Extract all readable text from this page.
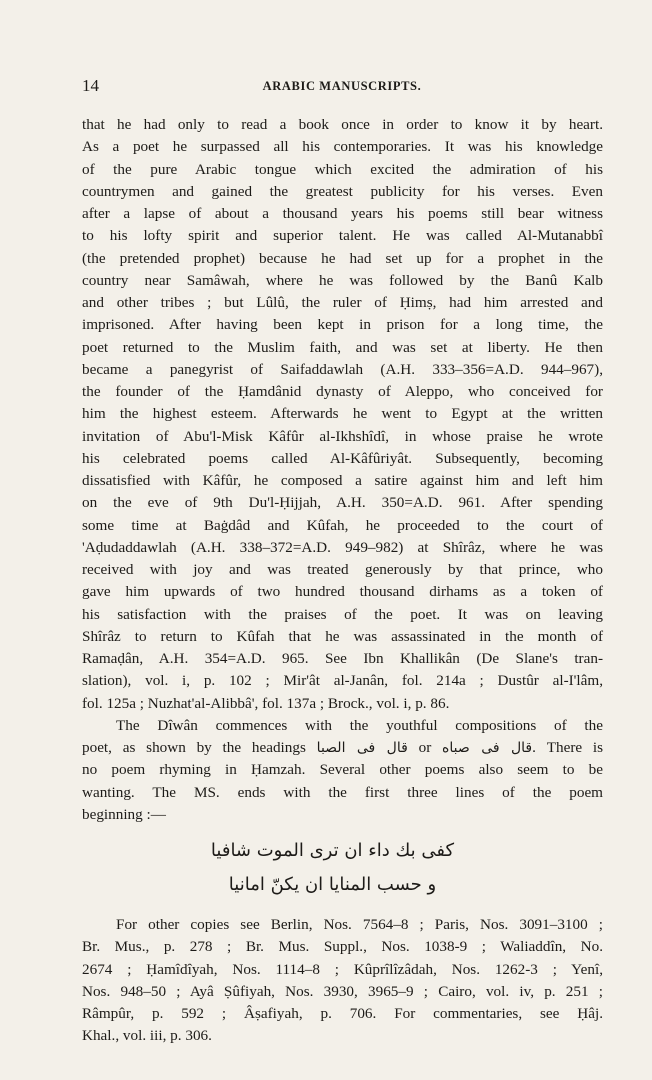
14	ARABIC MANUSCRIPTS.
that he had only to read a book once in order to know it by heart.
As a poet he surpassed all his contemporaries. It was his knowledge
of the pure Arabic tongue which excited the admiration of his
countrymen and gained the greatest publicity for his verses. Even
after a lapse of about a thousand years his poems still bear witness
to his lofty spirit and superior talent. He was called Al-Mutanabbî
(the pretended prophet) because he had set up for a prophet in the
country near Samâwah, where he was followed by the Banû Kalb
and other tribes ; but Lûlû, the ruler of Ḥimṣ, had him arrested and
imprisoned. After having been kept in prison for a long time, the
poet returned to the Muslim faith, and was set at liberty. He then
became a panegyrist of Saifaddawlah (A.H. 333–356=A.D. 944–967),
the founder of the Ḥamdânid dynasty of Aleppo, who conceived for
him the highest esteem. Afterwards he went to Egypt at the written
invitation of Abu'l-Misk Kâfûr al-Ikhshîdî, in whose praise he wrote
his celebrated poems called Al-Kâfûriyât. Subsequently, becoming
dissatisfied with Kâfûr, he composed a satire against him and left him
on the eve of 9th Du'l-Ḥijjah, A.H. 350=A.D. 961. After spending
some time at Baġdâd and Kûfah, he proceeded to the court of
'Aḍudaddawlah (A.H. 338–372=A.D. 949–982) at Shîrâz, where he was
received with joy and was treated generously by that prince, who
gave him upwards of two hundred thousand dirhams as a token of
his satisfaction with the praises of the poet. It was on leaving
Shîrâz to return to Kûfah that he was assassinated in the month of
Ramaḍân, A.H. 354=A.D. 965. See Ibn Khallikân (De Slane's tran-
slation), vol. i, p. 102 ; Mir'ât al-Janân, fol. 214a ; Dustûr al-I'lâm,
fol. 125a ; Nuzhat'al-Alibbâ', fol. 137a ; Brock., vol. i, p. 86.
The Dîwân commences with the youthful compositions of the
poet, as shown by the headings قال فى الصبا or قال فى صباه. There is
no poem rhyming in Ḥamzah. Several other poems also seem to be
wanting. The MS. ends with the first three lines of the poem
beginning :—
كفى بك داء ان ترى الموت شافيا
و حسب المنايا ان يكنّ امانيا
For other copies see Berlin, Nos. 7564–8 ; Paris, Nos. 3091–3100 ;
Br. Mus., p. 278 ; Br. Mus. Suppl., Nos. 1038-9 ; Waliaddîn, No.
2674 ; Ḥamîdîyah, Nos. 1114–8 ; Kûprîlîzâdah, Nos. 1262-3 ; Yenî,
Nos. 948–50 ; Ayâ Ṣûfiyah, Nos. 3930, 3965–9 ; Cairo, vol. iv, p. 251 ;
Râmpûr, p. 592 ; Âṣafiyah, p. 706. For commentaries, see Ḥâj.
Khal., vol. iii, p. 306.
